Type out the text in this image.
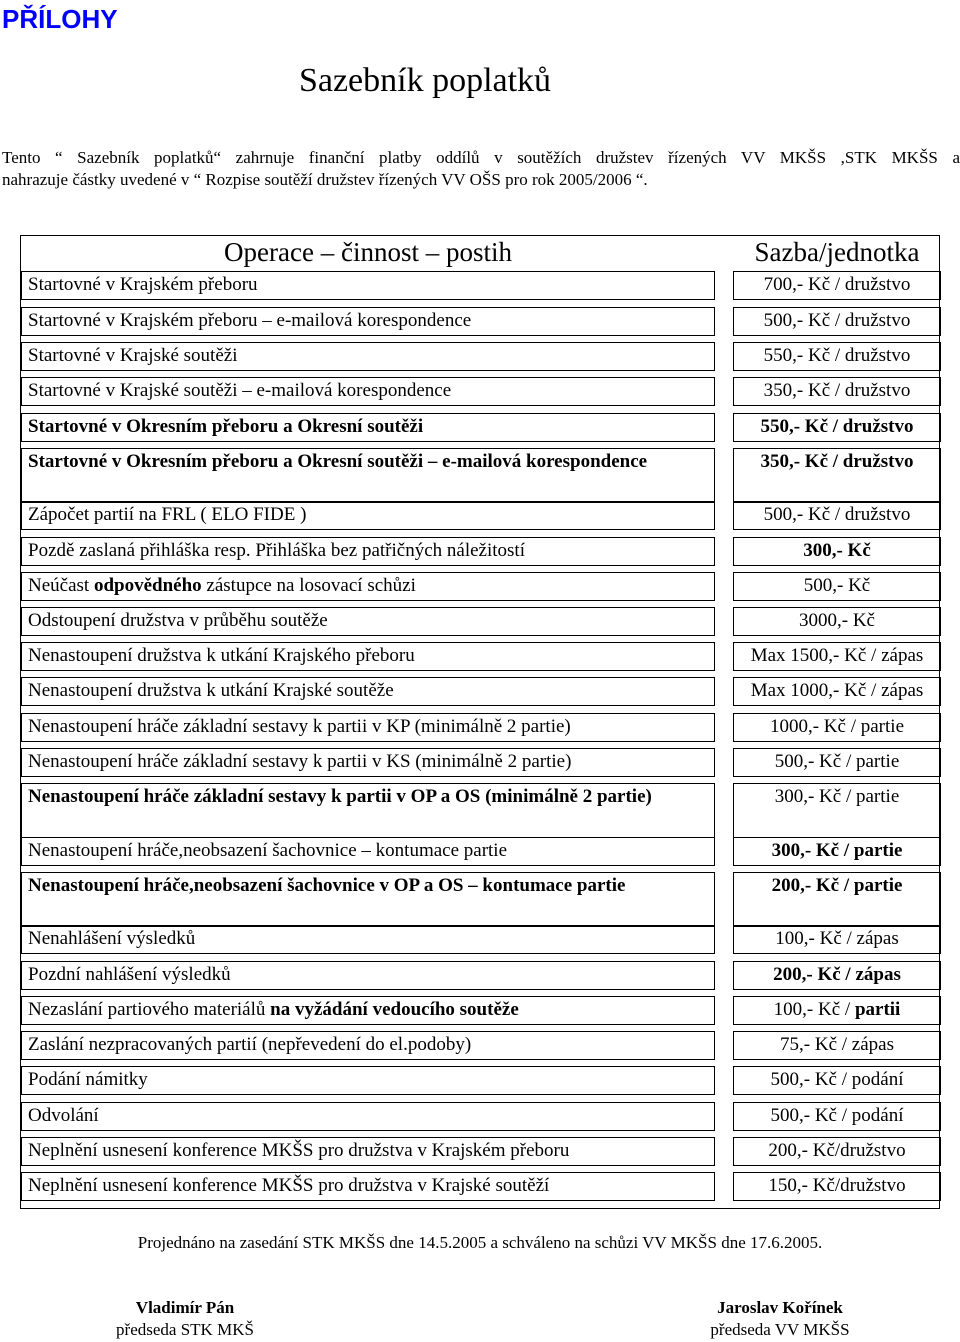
PŘÍLOHY
Sazebník poplatků
Tento “ Sazebník poplatků“ zahrnuje finanční platby oddílů v soutěžích družstev řízených VV MKŠS ,STK MKŠS a
nahrazuje částky uvedené v “ Rozpise soutěží družstev řízených VV OŠS pro rok 2005/2006 “.
Operace – činnost – postih	Sazba/jednotka
Startovné v Krajském přeboru	700,- Kč / družstvo
Startovné v Krajském přeboru – e-mailová korespondence	500,- Kč / družstvo
Startovné v Krajské soutěži	550,- Kč / družstvo
Startovné v Krajské soutěži – e-mailová korespondence	350,- Kč / družstvo
Startovné v Okresním přeboru a Okresní soutěži	550,- Kč / družstvo
Startovné v Okresním přeboru a Okresní soutěži – e-mailová korespondence	350,- Kč / družstvo
Zápočet partií na FRL ( ELO FIDE )	500,- Kč / družstvo
Pozdě zaslaná přihláška resp. Přihláška bez patřičných náležitostí	300,- Kč
Neúčast odpovědného zástupce na losovací schůzi	500,- Kč
Odstoupení družstva v průběhu soutěže	3000,- Kč
Nenastoupení družstva k utkání Krajského přeboru	Max 1500,- Kč / zápas
Nenastoupení družstva k utkání Krajské soutěže	Max 1000,- Kč / zápas
Nenastoupení hráče základní sestavy k partii v KP (minimálně 2 partie)	1000,- Kč / partie
Nenastoupení hráče základní sestavy k partii v KS (minimálně 2 partie)	500,- Kč / partie
Nenastoupení hráče základní sestavy k partii v OP a OS (minimálně 2 partie)	300,- Kč / partie
Nenastoupení hráče,neobsazení šachovnice – kontumace partie	300,- Kč / partie
Nenastoupení hráče,neobsazení šachovnice v OP a OS – kontumace partie	200,- Kč / partie
Nenahlášení výsledků	100,- Kč / zápas
Pozdní nahlášení výsledků	200,- Kč / zápas
Nezaslání partiového materiálů na vyžádání vedoucího soutěže	100,- Kč / partii
Zaslání nezpracovaných partií (nepřevedení do el.podoby)	75,- Kč / zápas
Podání námitky	500,- Kč / podání
Odvolání	500,- Kč / podání
Neplnění usnesení konference MKŠS pro družstva v Krajském přeboru	200,- Kč/družstvo
Neplnění usnesení konference MKŠS pro družstva v Krajské soutěží	150,- Kč/družstvo
Projednáno na zasedání STK MKŠS dne 14.5.2005 a schváleno na schůzi VV MKŠS dne 17.6.2005.
Vladimír Pán
předseda STK MKŠ
Jaroslav Kořínek
předseda VV MKŠS
